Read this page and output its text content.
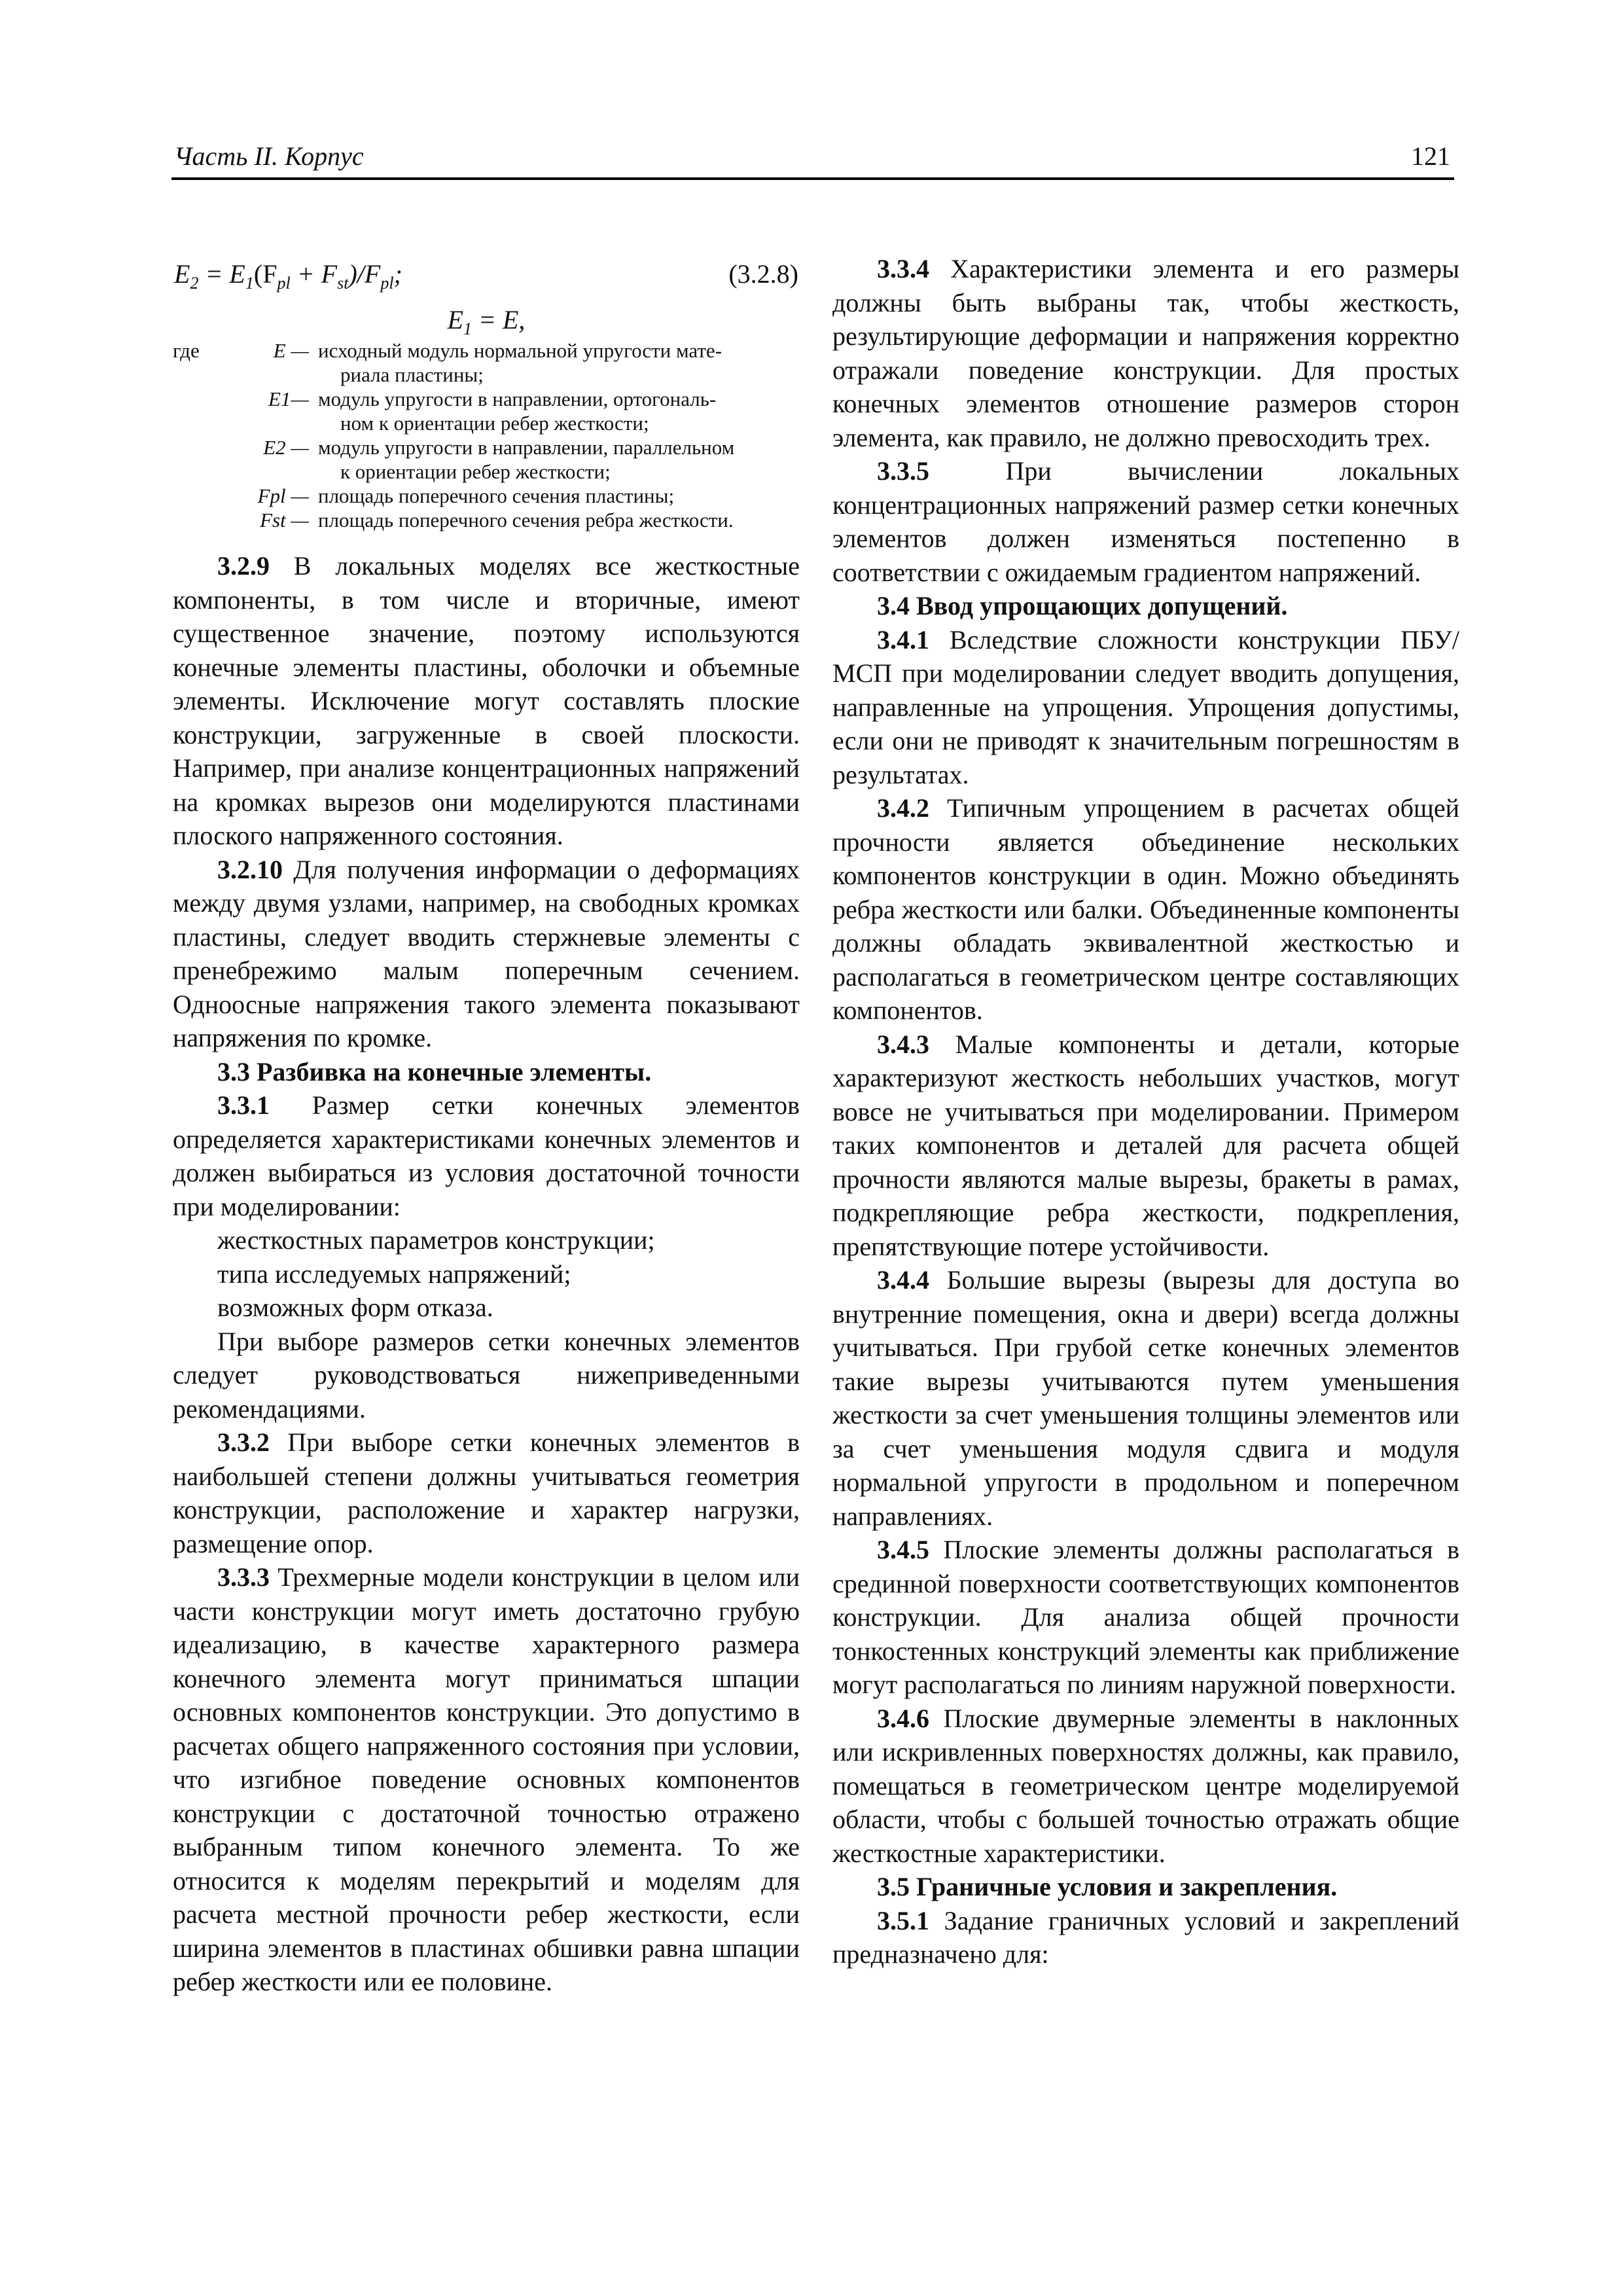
Часть II. Корпус	121
$E_2 = E_1(F_{pl} + F_{st})/F_{pl}$;	(3.2.8)
$E_1 = E$,
где	E — исходный модуль нормальной упругости мате-
риала пластины;
E1— модуль упругости в направлении, ортогональ-
ном к ориентации ребер жесткости;
E2 — модуль упругости в направлении, параллельном
к ориентации ребер жесткости;
Fpl — площадь поперечного сечения пластины;
Fst — площадь поперечного сечения ребра жесткости.

3.2.9 В локальных моделях все жесткостные компоненты, в том числе и вторичные, имеют существенное значение, поэтому используются конечные элементы пластины, оболочки и объемные элементы. Исключение могут составлять плоские конструкции, загруженные в своей плоскости. Например, при анализе концентрационных напряжений на кромках вырезов они моделируются пластинами плоского напряженного состояния.

3.2.10 Для получения информации о деформациях между двумя узлами, например, на свободных кромках пластины, следует вводить стержневые элементы с пренебрежимо малым поперечным сечением. Одноосные напряжения такого элемента показывают напряжения по кромке.

3.3 Разбивка на конечные элементы.

3.3.1 Размер сетки конечных элементов определяется характеристиками конечных элементов и должен выбираться из условия достаточной точности при моделировании:

жесткостных параметров конструкции;

типа исследуемых напряжений;

возможных форм отказа.

При выборе размеров сетки конечных элементов следует руководствоваться нижеприведенными рекомендациями.

3.3.2 При выборе сетки конечных элементов в наибольшей степени должны учитываться геометрия конструкции, расположение и характер нагрузки, размещение опор.

3.3.3 Трехмерные модели конструкции в целом или части конструкции могут иметь достаточно грубую идеализацию, в качестве характерного размера конечного элемента могут приниматься шпации основных компонентов конструкции. Это допустимо в расчетах общего напряженного состояния при условии, что изгибное поведение основных компонентов конструкции с достаточной точностью отражено выбранным типом конечного элемента. То же относится к моделям перекрытий и моделям для расчета местной прочности ребер жесткости, если ширина элементов в пластинах обшивки равна шпации ребер жесткости или ее половине.

3.3.4 Характеристики элемента и его размеры должны быть выбраны так, чтобы жесткость, результирующие деформации и напряжения корректно отражали поведение конструкции. Для простых конечных элементов отношение размеров сторон элемента, как правило, не должно превосходить трех.

3.3.5 При вычислении локальных концентрационных напряжений размер сетки конечных элементов должен изменяться постепенно в соответствии с ожидаемым градиентом напряжений.

3.4 Ввод упрощающих допущений.

3.4.1 Вследствие сложности конструкции ПБУ/МСП при моделировании следует вводить допущения, направленные на упрощения. Упрощения допустимы, если они не приводят к значительным погрешностям в результатах.

3.4.2 Типичным упрощением в расчетах общей прочности является объединение нескольких компонентов конструкции в один. Можно объединять ребра жесткости или балки. Объединенные компоненты должны обладать эквивалентной жесткостью и располагаться в геометрическом центре составляющих компонентов.

3.4.3 Малые компоненты и детали, которые характеризуют жесткость небольших участков, могут вовсе не учитываться при моделировании. Примером таких компонентов и деталей для расчета общей прочности являются малые вырезы, бракеты в рамах, подкрепляющие ребра жесткости, подкрепления, препятствующие потере устойчивости.

3.4.4 Большие вырезы (вырезы для доступа во внутренние помещения, окна и двери) всегда должны учитываться. При грубой сетке конечных элементов такие вырезы учитываются путем уменьшения жесткости за счет уменьшения толщины элементов или за счет уменьшения модуля сдвига и модуля нормальной упругости в продольном и поперечном направлениях.

3.4.5 Плоские элементы должны располагаться в срединной поверхности соответствующих компонентов конструкции. Для анализа общей прочности тонкостенных конструкций элементы как приближение могут располагаться по линиям наружной поверхности.

3.4.6 Плоские двумерные элементы в наклонных или искривленных поверхностях должны, как правило, помещаться в геометрическом центре моделируемой области, чтобы с большей точностью отражать общие жесткостные характеристики.

3.5 Граничные условия и закрепления.

3.5.1 Задание граничных условий и закреплений предназначено для:
